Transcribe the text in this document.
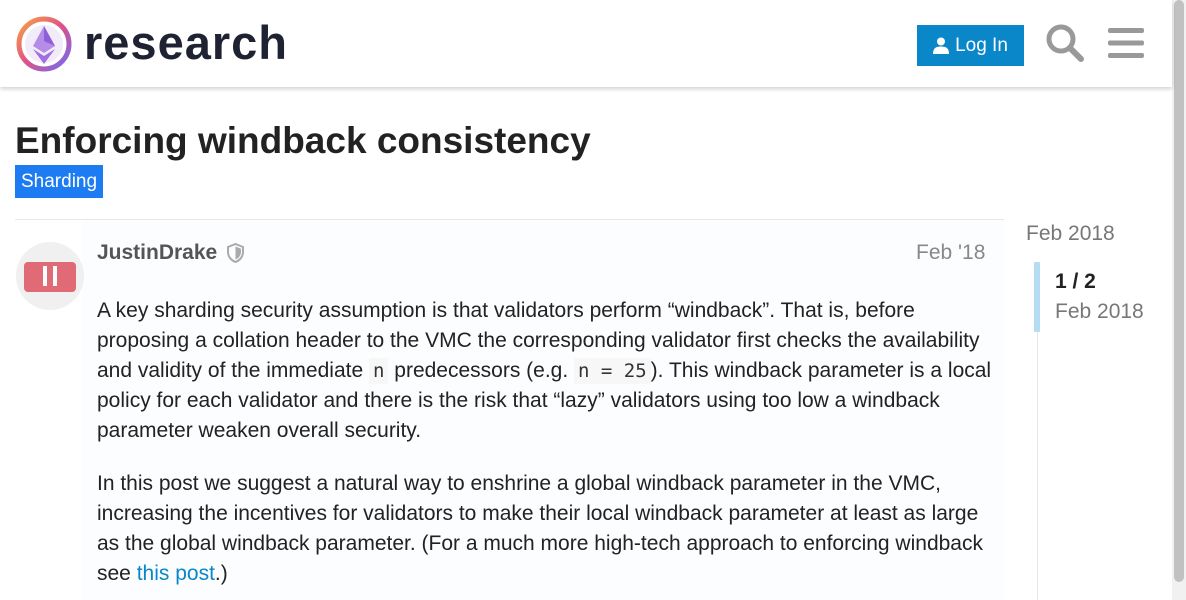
research	Log In
Enforcing windback consistency
Sharding
JustinDrake	Feb '18

A key sharding security assumption is that validators perform “windback”. That is, before proposing a collation header to the VMC the corresponding validator first checks the availability and validity of the immediate n predecessors (e.g. n = 25 ). This windback parameter is a local policy for each validator and there is the risk that “lazy” validators using too low a windback parameter weaken overall security.

In this post we suggest a natural way to enshrine a global windback parameter in the VMC, increasing the incentives for validators to make their local windback parameter at least as large as the global windback parameter. (For a much more high-tech approach to enforcing windback see this post.)

Feb 2018
1 / 2
Feb 2018
